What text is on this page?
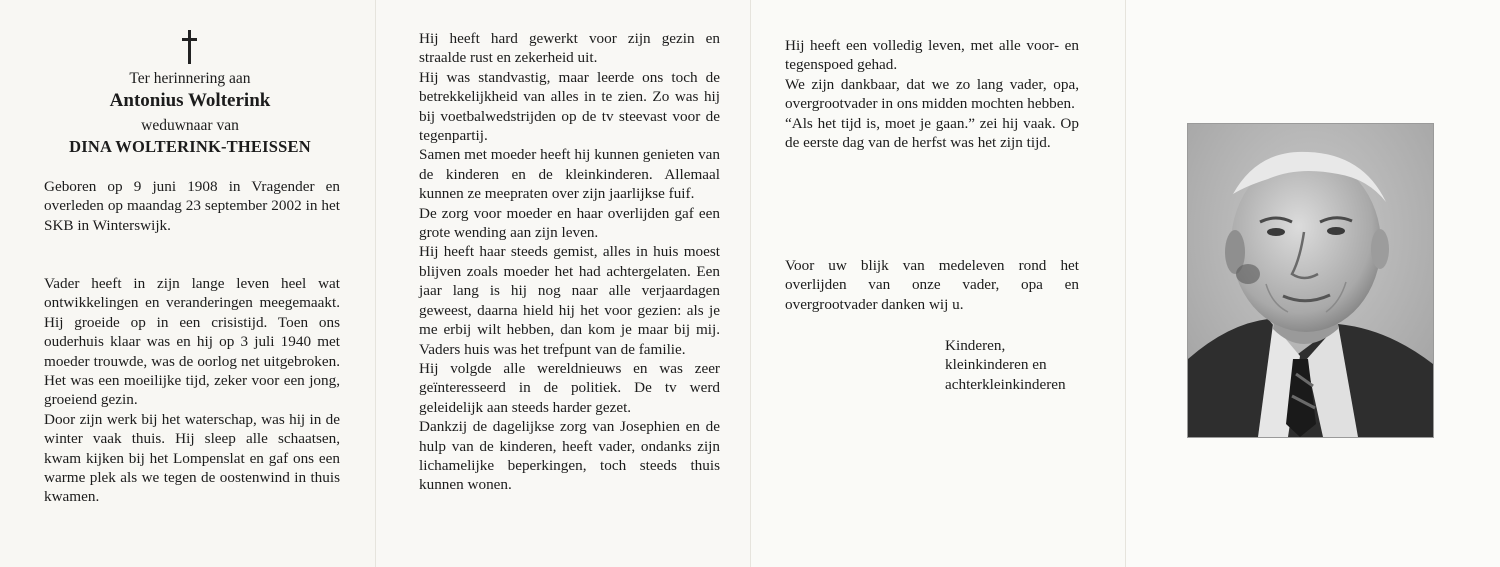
Ter herinnering aan
Antonius Wolterink
weduwnaar van
DINA WOLTERINK-THEISSEN
Geboren op 9 juni 1908 in Vragender en overleden op maandag 23 september 2002 in het SKB in Winterswijk.

Vader heeft in zijn lange leven heel wat ontwikkelingen en veranderingen meegemaakt. Hij groeide op in een crisistijd. Toen ons ouderhuis klaar was en hij op 3 juli 1940 met moeder trouwde, was de oorlog net uitgebroken. Het was een moeilijke tijd, zeker voor een jong, groeiend gezin.

Door zijn werk bij het waterschap, was hij in de winter vaak thuis. Hij sleep alle schaatsen, kwam kijken bij het Lompenslat en gaf ons een warme plek als we tegen de oostenwind in thuis kwamen.

Hij heeft hard gewerkt voor zijn gezin en straalde rust en zekerheid uit.

Hij was standvastig, maar leerde ons toch de betrekkelijkheid van alles in te zien. Zo was hij bij voetbalwedstrijden op de tv steevast voor de tegenpartij.

Samen met moeder heeft hij kunnen genieten van de kinderen en de kleinkinderen. Allemaal kunnen ze meepraten over zijn jaarlijkse fuif.

De zorg voor moeder en haar overlijden gaf een grote wending aan zijn leven.

Hij heeft haar steeds gemist, alles in huis moest blijven zoals moeder het had achtergelaten. Een jaar lang is hij nog naar alle verjaardagen geweest, daarna hield hij het voor gezien: als je me erbij wilt hebben, dan kom je maar bij mij. Vaders huis was het trefpunt van de familie.

Hij volgde alle wereldnieuws en was zeer geïnteresseerd in de politiek. De tv werd geleidelijk aan steeds harder gezet.

Dankzij de dagelijkse zorg van Josephien en de hulp van de kinderen, heeft vader, ondanks zijn lichamelijke beperkingen, toch steeds thuis kunnen wonen.

Hij heeft een volledig leven, met alle voor- en tegenspoed gehad.

We zijn dankbaar, dat we zo lang vader, opa, overgrootvader in ons midden mochten hebben.

“Als het tijd is, moet je gaan.” zei hij vaak. Op de eerste dag van de herfst was het zijn tijd.

Voor uw blijk van medeleven rond het overlijden van onze vader, opa en overgrootvader danken wij u.

Kinderen,

kleinkinderen en

achterkleinkinderen
